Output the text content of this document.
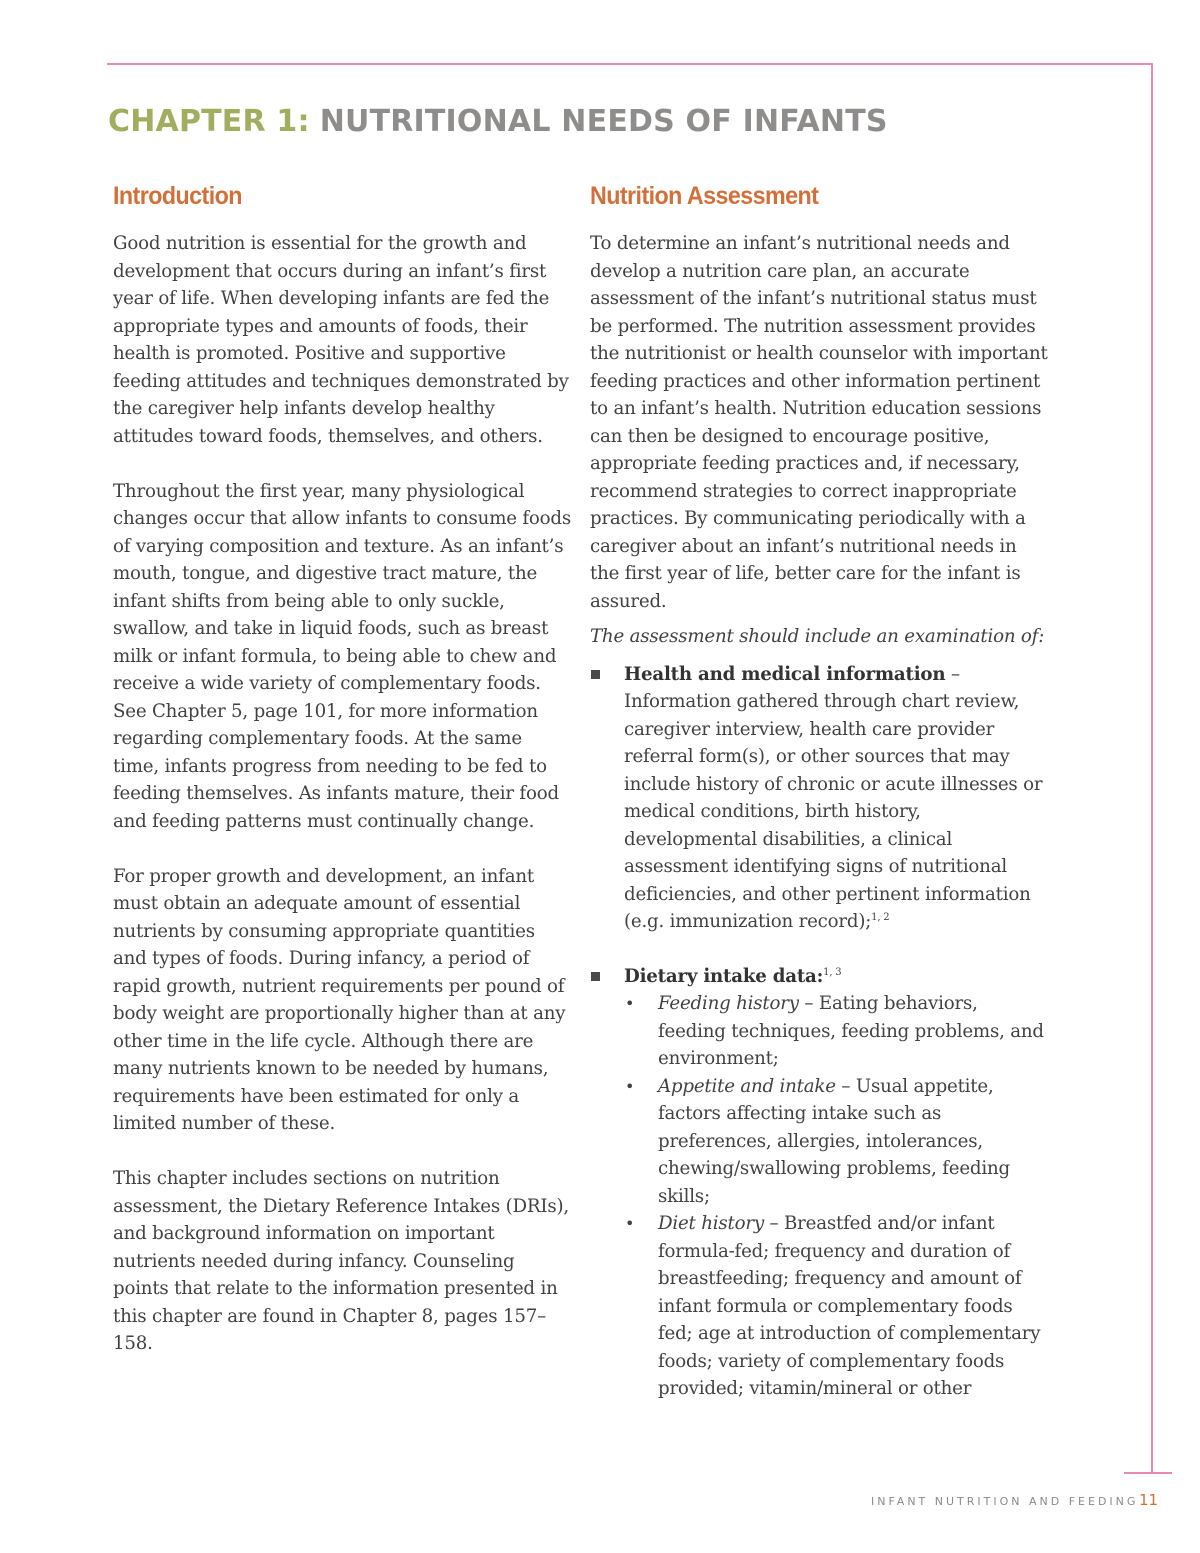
CHAPTER 1: NUTRITIONAL NEEDS OF INFANTS
Introduction

Good nutrition is essential for the growth and development that occurs during an infant’s first year of life. When developing infants are fed the appropriate types and amounts of foods, their health is promoted. Positive and supportive feeding attitudes and techniques demonstrated by the caregiver help infants develop healthy attitudes toward foods, themselves, and others.

Throughout the first year, many physiological changes occur that allow infants to consume foods of varying composition and texture. As an infant’s mouth, tongue, and digestive tract mature, the infant shifts from being able to only suckle, swallow, and take in liquid foods, such as breast milk or infant formula, to being able to chew and receive a wide variety of complementary foods. See Chapter 5, page 101, for more information regarding complementary foods. At the same time, infants progress from needing to be fed to feeding themselves. As infants mature, their food and feeding patterns must continually change.

For proper growth and development, an infant must obtain an adequate amount of essential nutrients by consuming appropriate quantities and types of foods. During infancy, a period of rapid growth, nutrient requirements per pound of body weight are proportionally higher than at any other time in the life cycle. Although there are many nutrients known to be needed by humans, requirements have been estimated for only a limited number of these.

This chapter includes sections on nutrition assessment, the Dietary Reference Intakes (DRIs), and background information on important nutrients needed during infancy. Counseling points that relate to the information presented in this chapter are found in Chapter 8, pages 157–158.

Nutrition Assessment

To determine an infant’s nutritional needs and develop a nutrition care plan, an accurate assessment of the infant’s nutritional status must be performed. The nutrition assessment provides the nutritionist or health counselor with important feeding practices and other information pertinent to an infant’s health. Nutrition education sessions can then be designed to encourage positive, appropriate feeding practices and, if necessary, recommend strategies to correct inappropriate practices. By communicating periodically with a caregiver about an infant’s nutritional needs in the first year of life, better care for the infant is assured.

The assessment should include an examination of:

Health and medical information – Information gathered through chart review, caregiver interview, health care provider referral form(s), or other sources that may include history of chronic or acute illnesses or medical conditions, birth history, developmental disabilities, a clinical assessment identifying signs of nutritional deficiencies, and other pertinent information (e.g. immunization record);$^{1, 2}$
Dietary intake data:$^{1, 3}$
• Feeding history – Eating behaviors, feeding techniques, feeding problems, and environment;
• Appetite and intake – Usual appetite, factors affecting intake such as preferences, allergies, intolerances, chewing/swallowing problems, feeding skills;
• Diet history – Breastfed and/or infant formula-fed; frequency and duration of breastfeeding; frequency and amount of infant formula or complementary foods fed; age at introduction of complementary foods; variety of complementary foods provided; vitamin/mineral or other
INFANT NUTRITION AND FEEDING 11
